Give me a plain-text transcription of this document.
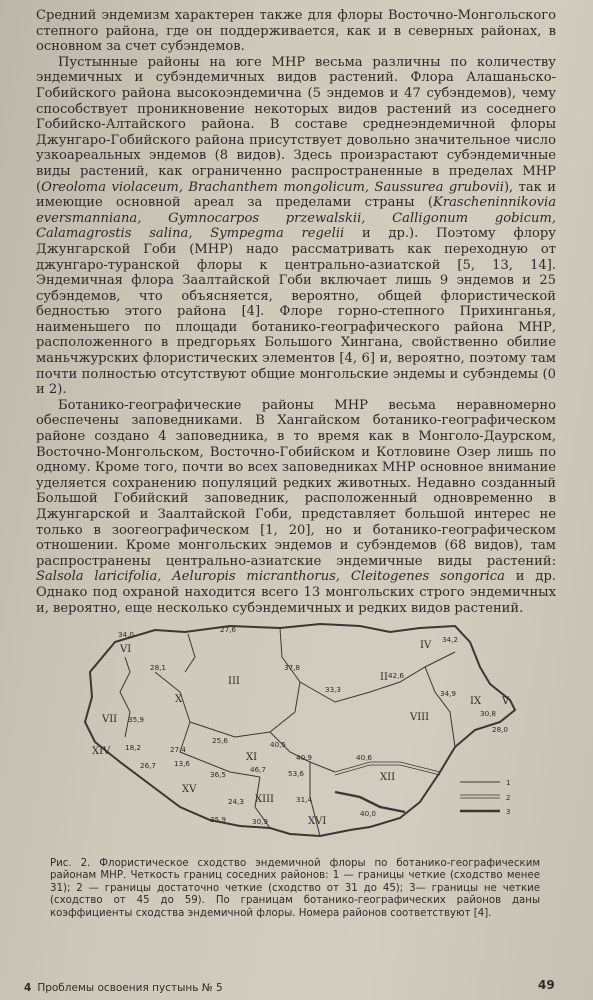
Средний эндемизм характерен также для флоры Восточно-Монгольского степного района, где он поддерживается, как и в северных районах, в основном за счет субэндемов.

Пустынные районы на юге МНР весьма различны по количеству эндемичных и субэндемичных видов растений. Флора Алашаньско-Гобийского района высокоэндемична (5 эндемов и 47 субэндемов), чему способствует проникновение некоторых видов растений из соседнего Гобийско-Алтайского района. В составе среднеэндемичной флоры Джунгаро-Гобийского района присутствует довольно значительное число узкоареальных эндемов (8 видов). Здесь произрастают субэндемичные виды растений, как ограниченно распространенные в пределах МНР (Oreoloma violaceum, Brachanthem mongolicum, Saussurea grubovii), так и имеющие основной ареал за пределами страны (Krascheninnikovia eversmanniana, Gymnocarpos przewalskii, Calligonum gobicum, Calamagrostis salina, Sympegma regelii и др.). Поэтому флору Джунгарской Гоби (МНР) надо рассматривать как переходную от джунгаро-туранской флоры к центрально-азиатской [5, 13, 14]. Эндемичная флора Заалтайской Гоби включает лишь 9 эндемов и 25 субэндемов, что объясняется, вероятно, общей флористической бедностью этого района [4]. Флоре горно-степного Прихинганья, наименьшего по площади ботанико-географического района МНР, расположенного в предгорьях Большого Хингана, свойственно обилие маньчжурских флористических элементов [4, 6] и, вероятно, поэтому там почти полностью отсутствуют общие монгольские эндемы и субэндемы (0 и 2).

Ботанико-географические районы МНР весьма неравномерно обеспечены заповедниками. В Хангайском ботанико-географическом районе создано 4 заповедника, в то время как в Монголо-Даурском, Восточно-Монгольском, Восточно-Гобийском и Котловине Озер лишь по одному. Кроме того, почти во всех заповедниках МНР основное внимание уделяется сохранению популяций редких животных. Недавно созданный Большой Гобийский заповедник, расположенный одновременно в Джунгарской и Заалтайской Гоби, представляет большой интерес не только в зоогеографическом [1, 20], но и ботанико-географическом отношении. Кроме монгольских эндемов и субэндемов (68 видов), там распространены центрально-азиатские эндемичные виды растений: Salsola laricifolia, Aeluropis micranthorus, Cleitogenes songorica и др. Однако под охраной находится всего 13 монгольских строго эндемичных и, вероятно, еще несколько субэндемичных и редких видов растений.

II
III
IV
V
VI
VII	VIII
IX
X
XI
XII
XIII
XIV
XV
XVI
34,0
27,6
28,1	37,8
33,3
42,6
34,2
34,9
30,8
35,9
18,2	27,4
25,6	40,5
40,9	40,6
13,6
26,7
36,5
46,7	53,6
31,4
24,3
35,9	30,9
40,0
28,0
1
2
3
Рис. 2. Флористическое сходство эндемичной флоры по ботанико-географическим районам МНР. Четкость границ соседних районов: 1 — границы четкие (сходство менее 31); 2 — границы достаточно четкие (сходство от 31 до 45); 3— границы не четкие (сходство от 45 до 59). По границам ботанико-географических районов даны коэффициенты сходства эндемичной флоры. Номера районов соответствуют [4].
4 Проблемы освоения пустынь № 5	49
